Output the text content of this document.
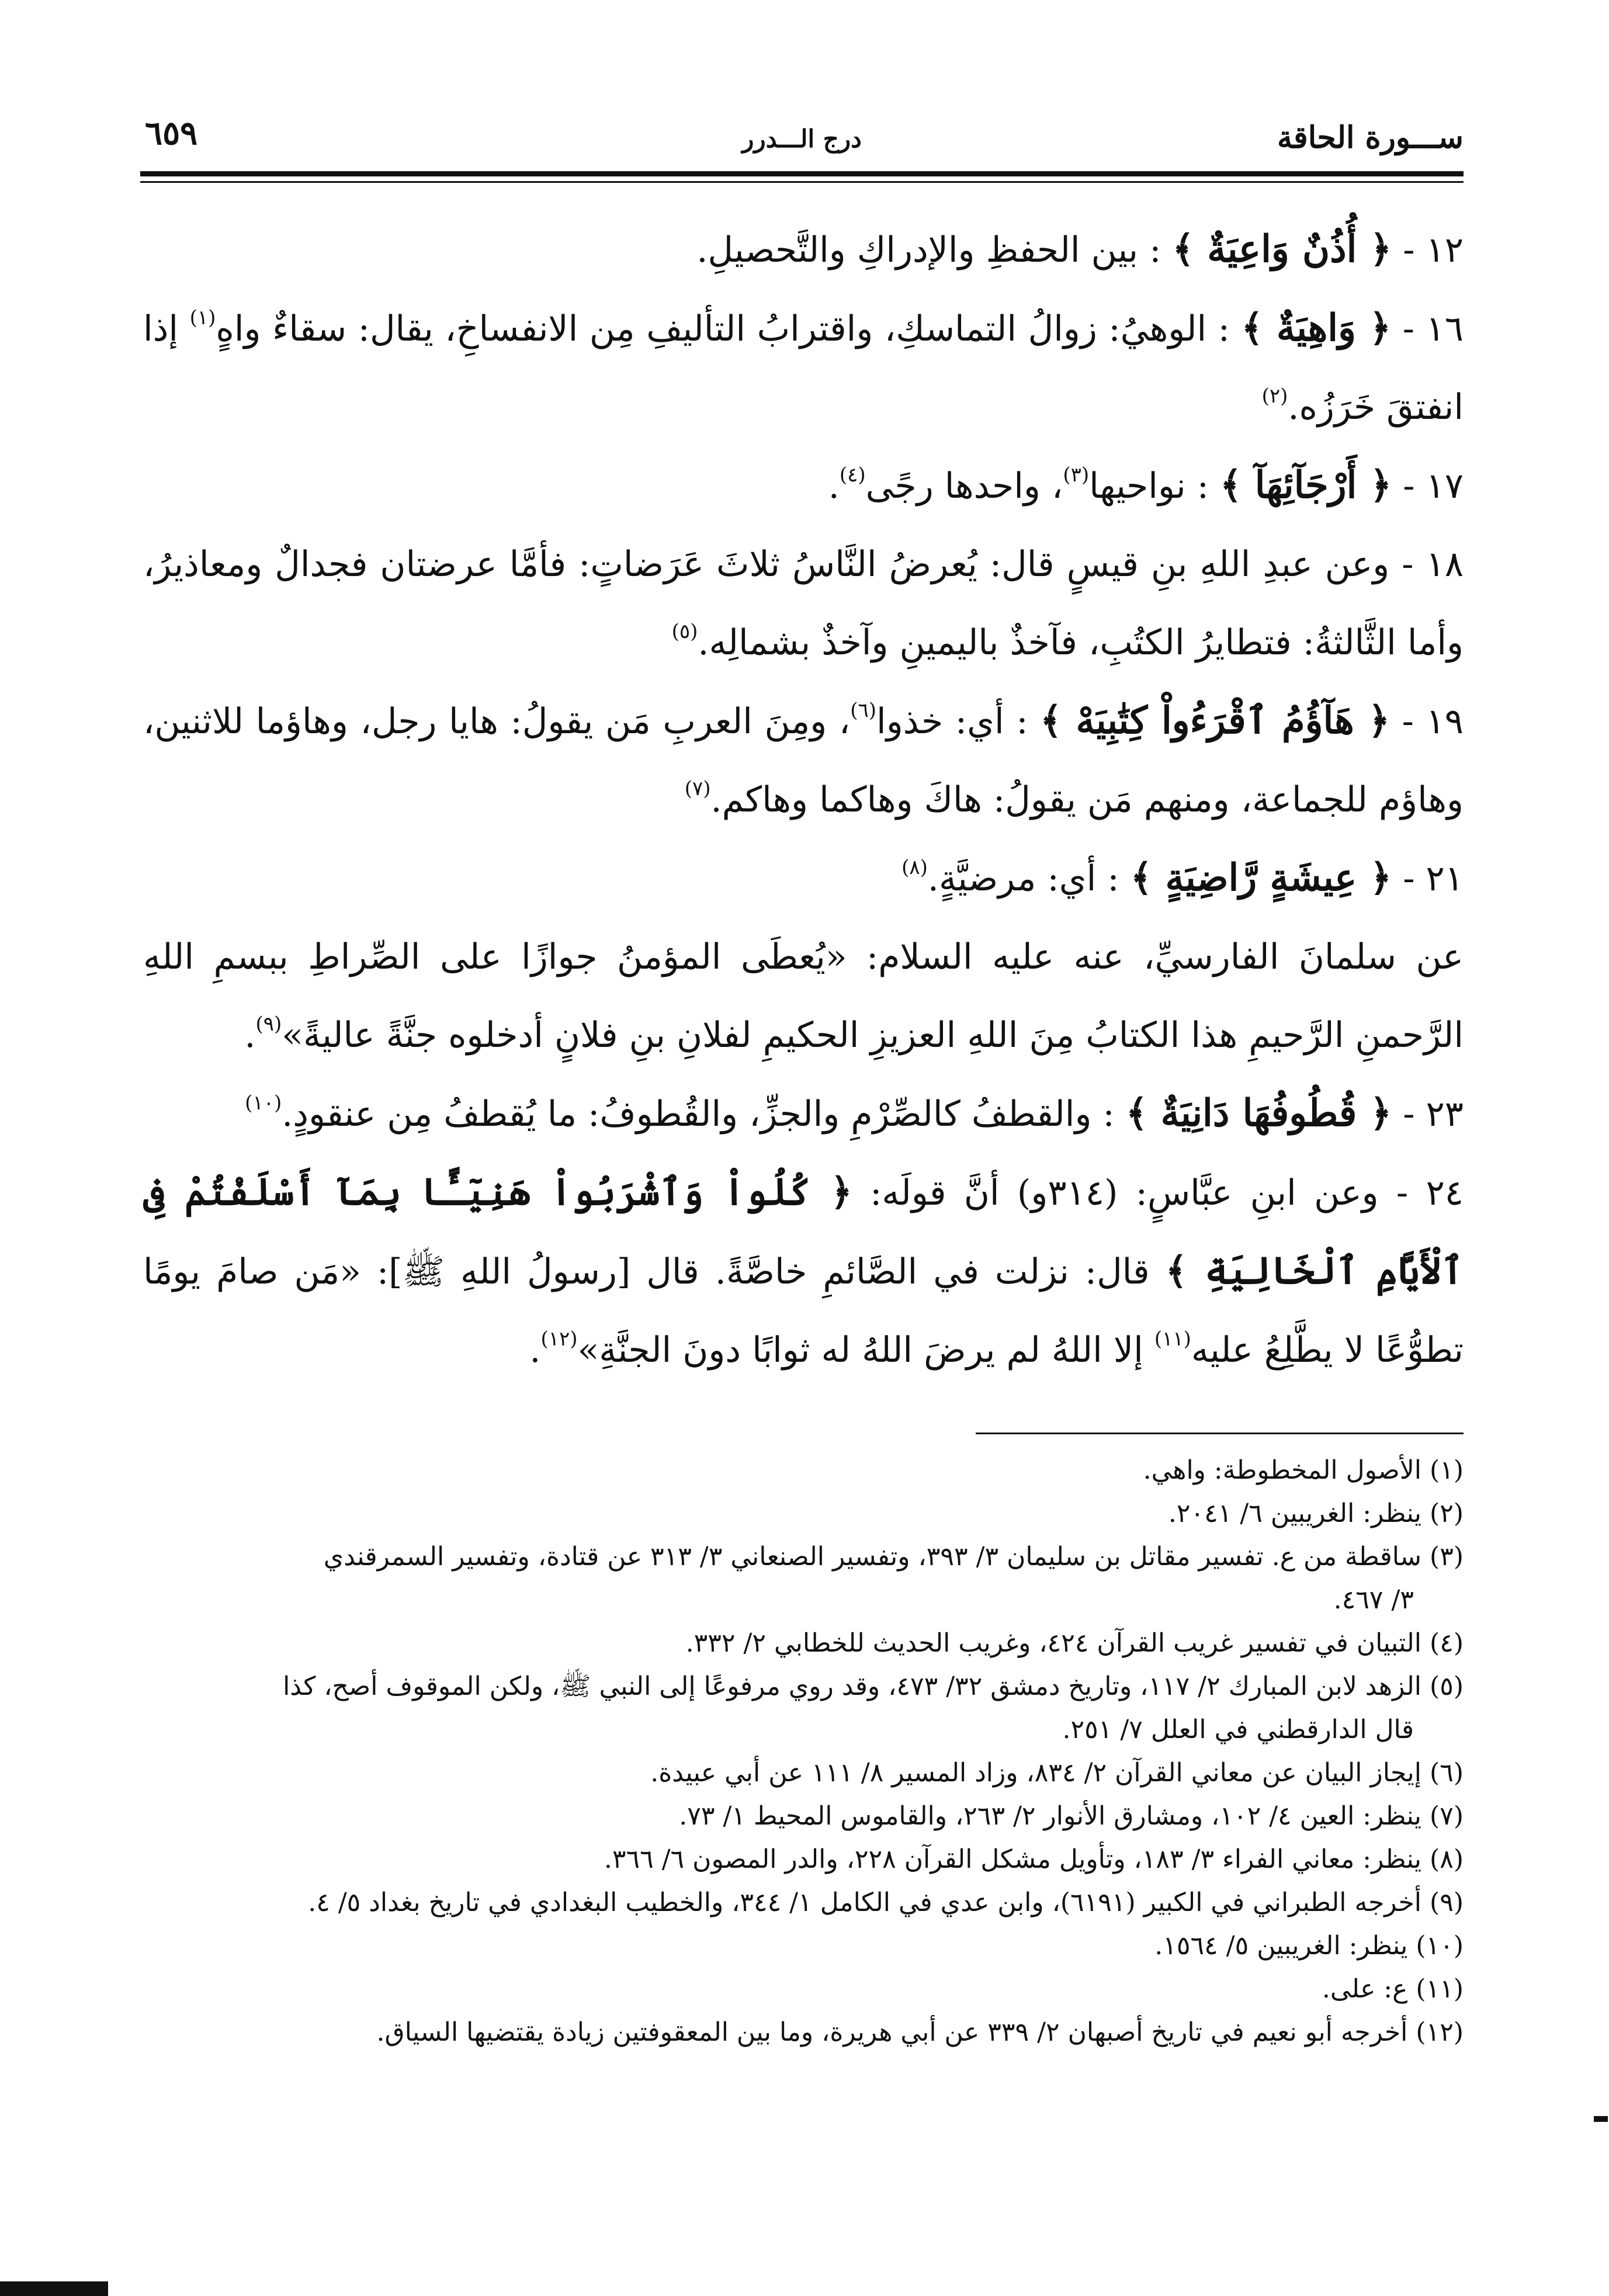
٦٥٩	درج الـــدرر	ســـورة الحاقة

١٢ - ﴿ أُذُنٌ وَاعِيَةٌ ﴾ : بين الحفظِ والإدراكِ والتَّحصيلِ.

١٦ - ﴿ وَاهِيَةٌ ﴾ : الوهيُ: زوالُ التماسكِ، واقترابُ التأليفِ مِن الانفساخِ، يقال: سقاءٌ واهٍ$^{(١)}$ إذا انفتقَ خَرَزُه.$^{(٢)}$

١٧ - ﴿ أَرْجَآئِهَآ ﴾ : نواحيها$^{(٣)}$، واحدها رجًى$^{(٤)}$.

١٨ - وعن عبدِ اللهِ بنِ قيسٍ قال: يُعرضُ النَّاسُ ثلاثَ عَرَضاتٍ: فأمَّا عرضتان فجدالٌ ومعاذيرُ، وأما الثَّالثةُ: فتطايرُ الكتُبِ، فآخذٌ باليمينِ وآخذٌ بشمالِه.$^{(٥)}$

١٩ - ﴿ هَآؤُمُ ٱقْرَءُواْ كِتَٰبِيَهْ ﴾ : أي: خذوا$^{(٦)}$، ومِنَ العربِ مَن يقولُ: هايا رجل، وهاؤما للاثنين، وهاؤم للجماعة، ومنهم مَن يقولُ: هاكَ وهاكما وهاكم.$^{(٧)}$

٢١ - ﴿ عِيشَةٍ رَّاضِيَةٍ ﴾ : أي: مرضيَّةٍ.$^{(٨)}$

عن سلمانَ الفارسيِّ، عنه عليه السلام: «يُعطَى المؤمنُ جوازًا على الصِّراطِ ببسمِ اللهِ الرَّحمنِ الرَّحيمِ هذا الكتابُ مِنَ اللهِ العزيزِ الحكيمِ لفلانِ بنِ فلانٍ أدخلوه جنَّةً عاليةً»$^{(٩)}$.

٢٣ - ﴿ قُطُوفُهَا دَانِيَةٌ ﴾ : والقطفُ كالصِّرْمِ والجزِّ، والقُطوفُ: ما يُقطفُ مِن عنقودٍ.$^{(١٠)}$

٢٤ - وعن ابنِ عبَّاسٍ: (٣١٤و) أنَّ قولَه: ﴿ كُلُواْ وَٱشْرَبُواْ هَنِيٓـًٔا بِمَآ أَسْلَفْتُمْ فِى ٱلْأَيَّامِ ٱلْخَالِيَةِ ﴾ قال: نزلت في الصَّائمِ خاصَّةً. قال [رسولُ اللهِ ﷺ]: «مَن صامَ يومًا تطوُّعًا لا يطَّلِعُ عليه$^{(١١)}$ إلا اللهُ لم يرضَ اللهُ له ثوابًا دونَ الجنَّةِ»$^{(١٢)}$.

(١) الأصول المخطوطة: واهي.

(٢) ينظر: الغريبين ٦/ ٢٠٤١.

(٣) ساقطة من ع. تفسير مقاتل بن سليمان ٣/ ٣٩٣، وتفسير الصنعاني ٣/ ٣١٣ عن قتادة، وتفسير السمرقندي

٣/ ٤٦٧.

(٤) التبيان في تفسير غريب القرآن ٤٢٤، وغريب الحديث للخطابي ٢/ ٣٣٢.

(٥) الزهد لابن المبارك ٢/ ١١٧، وتاريخ دمشق ٣٢/ ٤٧٣، وقد روي مرفوعًا إلى النبي ﷺ، ولكن الموقوف أصح، كذا

قال الدارقطني في العلل ٧/ ٢٥١.

(٦) إيجاز البيان عن معاني القرآن ٢/ ٨٣٤، وزاد المسير ٨/ ١١١ عن أبي عبيدة.

(٧) ينظر: العين ٤/ ١٠٢، ومشارق الأنوار ٢/ ٢٦٣، والقاموس المحيط ١/ ٧٣.

(٨) ينظر: معاني الفراء ٣/ ١٨٣، وتأويل مشكل القرآن ٢٢٨، والدر المصون ٦/ ٣٦٦.

(٩) أخرجه الطبراني في الكبير (٦١٩١)، وابن عدي في الكامل ١/ ٣٤٤، والخطيب البغدادي في تاريخ بغداد ٥/ ٤.

(١٠) ينظر: الغريبين ٥/ ١٥٦٤.

(١١) ع: على.

(١٢) أخرجه أبو نعيم في تاريخ أصبهان ٢/ ٣٣٩ عن أبي هريرة، وما بين المعقوفتين زيادة يقتضيها السياق.
